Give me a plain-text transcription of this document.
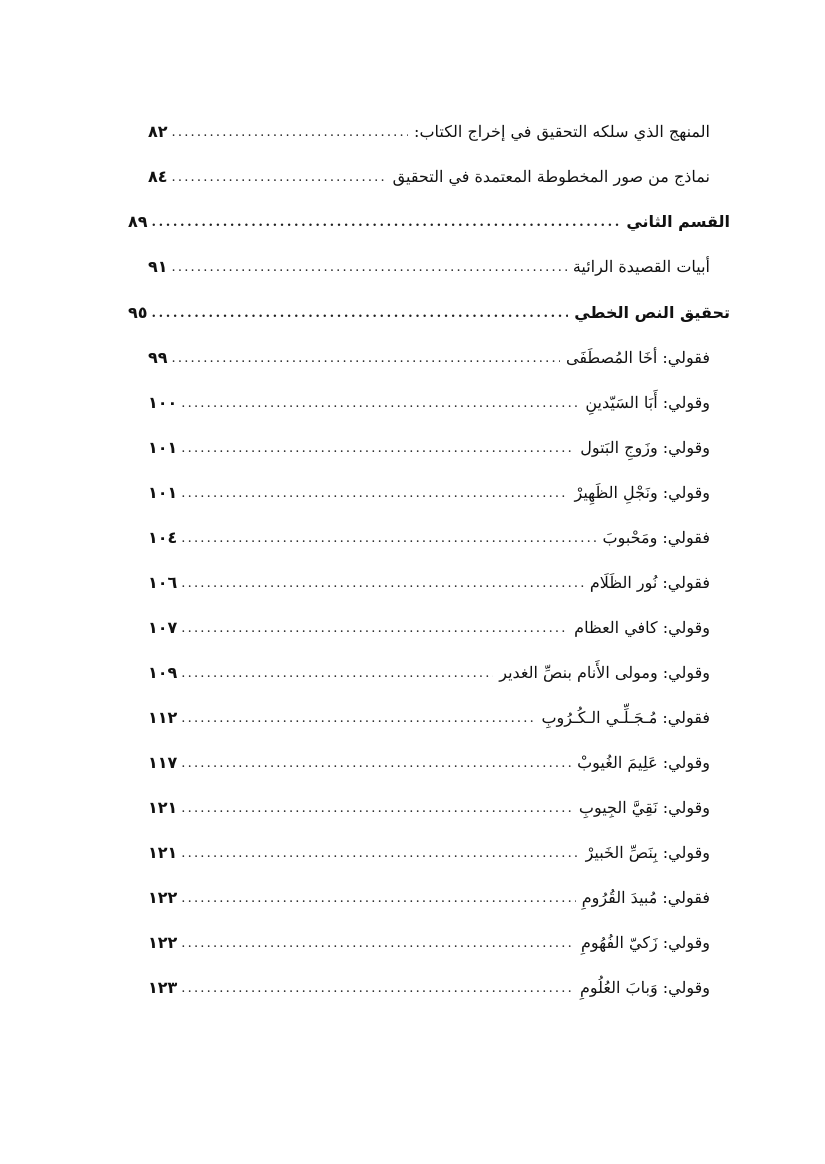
المنهج الذي سلكه التحقيق في إخراج الكتاب:
.....
٨٢
نماذج من صور المخطوطة المعتمدة في التحقيق
.....
٨٤
القسم الثاني
.....
٨٩
أبيات القصيدة الرائية
.....
٩١
تحقيق النص الخطي
.....
٩٥
فقولي: أخَا المُصطَفَى
.....
٩٩
وقولي: أَبَا السَيّدينِ
.....
١٠٠
وقولي: وزَوجِ البَتول
.....
١٠١
وقولي: ونَجْلِ الظَهِيرْ
.....
١٠١
فقولي: ومَحْبوبَ
.....
١٠٤
فقولي: نُور الظَلَام
.....
١٠٦
وقولي: كافي العظام
.....
١٠٧
وقولي: ومولى الأَنام بنصِّ الغدير
.....
١٠٩
فقولي: مُـجَـلِّـي الـكُـرُوبِ
.....
١١٢
وقولي: عَلِيمَ الغُيوبْ
.....
١١٧
وقولي: نَقِيَّ الجِيوبِ
.....
١٢١
وقولي: بِنَصِّ الخَبيرْ
.....
١٢١
فقولي: مُبيدَ القُرُومِ
.....
١٢٢
وقولي: زَكيّ الفُهُومِ
.....
١٢٢
وقولي: وَبابَ العُلُومِ
.....
١٢٣
